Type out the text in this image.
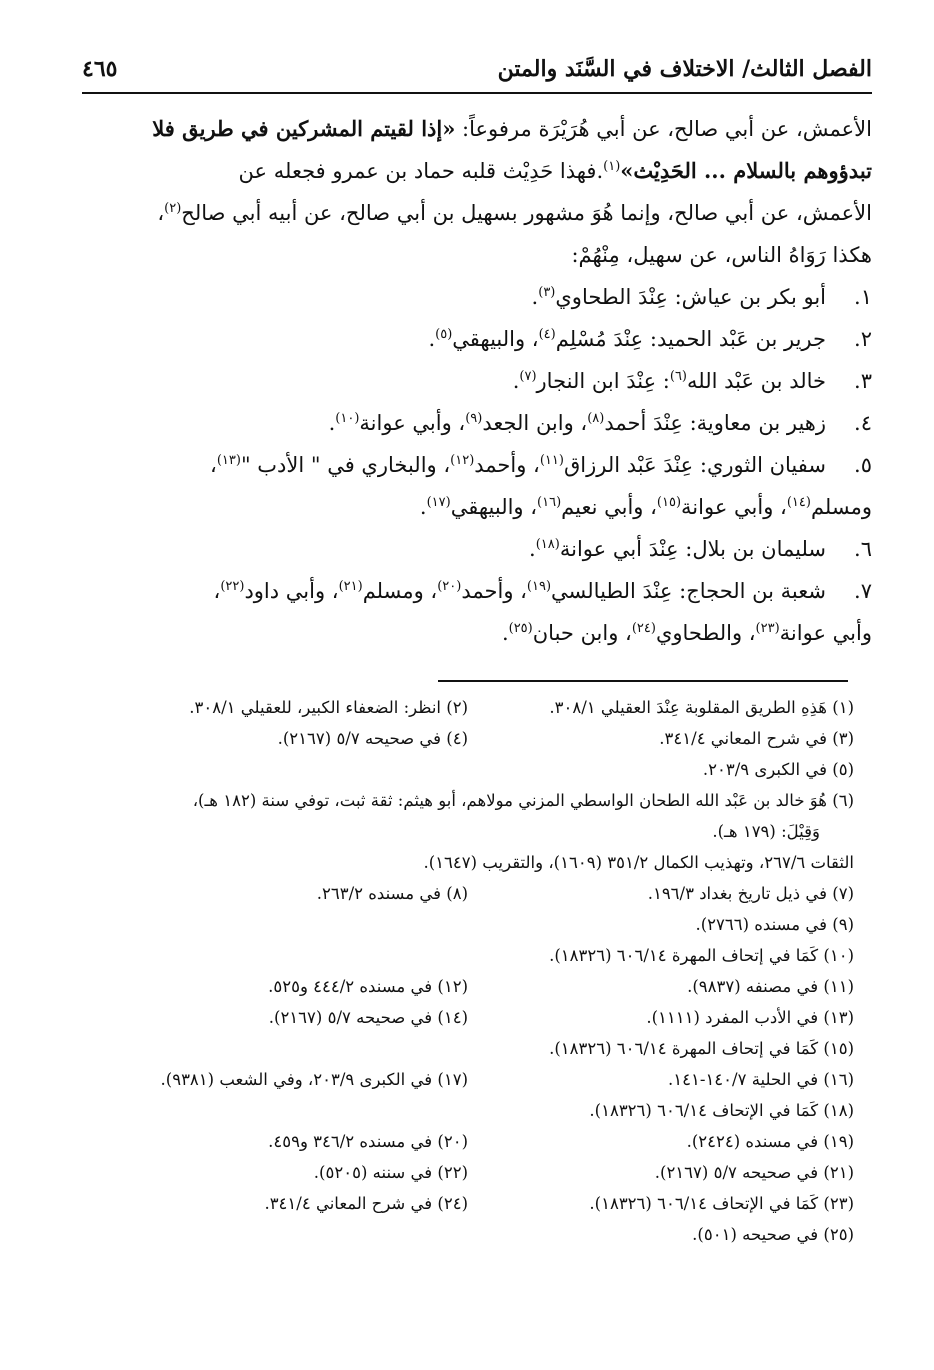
٤٦٥	الفصل الثالث/ الاختلاف في السَّنَد والمتن
الأعمش، عن أبي صالح، عن أبي هُرَيْرَة مرفوعاً: «إذا لقيتم المشركين في طريق فلا
تبدؤوهم بالسلام ... الحَدِيْث»$^{(١)}$.فهذا حَدِيْث قلبه حماد بن عمرو فجعله عن
الأعمش، عن أبي صالح، وإنما هُوَ مشهور بسهيل بن أبي صالح، عن أبيه أبي صالح$^{(٢)}$،
هكذا رَوَاهُ الناس، عن سهيل، مِنْهُمْ:
١.
أبو بكر بن عياش: عِنْدَ الطحاوي$^{(٣)}$.
٢.
جرير بن عَبْد الحميد: عِنْدَ مُسْلِم$^{(٤)}$، والبيهقي$^{(٥)}$.
٣.
خالد بن عَبْد الله$^{(٦)}$: عِنْدَ ابن النجار$^{(٧)}$.
٤.
زهير بن معاوية: عِنْدَ أحمد$^{(٨)}$، وابن الجعد$^{(٩)}$، وأبي عوانة$^{(١٠)}$.
٥.
سفيان الثوري: عِنْدَ عَبْد الرزاق$^{(١١)}$، وأحمد$^{(١٢)}$، والبخاري في " الأدب "$^{(١٣)}$،
ومسلم$^{(١٤)}$، وأبي عوانة$^{(١٥)}$، وأبي نعيم$^{(١٦)}$، والبيهقي$^{(١٧)}$.
٦.
سليمان بن بلال: عِنْدَ أبي عوانة$^{(١٨)}$.
٧.
شعبة بن الحجاج: عِنْدَ الطيالسي$^{(١٩)}$، وأحمد$^{(٢٠)}$، ومسلم$^{(٢١)}$، وأبي داود$^{(٢٢)}$،
وأبي عوانة$^{(٢٣)}$، والطحاوي$^{(٢٤)}$، وابن حبان$^{(٢٥)}$.
(١) هَذِهِ الطريق المقلوبة عِنْدَ العقيلي ٣٠٨/١.
(٢) انظر: الضعفاء الكبير، للعقيلي ٣٠٨/١.
(٣) في شرح المعاني ٣٤١/٤.
(٤) في صحيحه ٥/٧ (٢١٦٧).
(٥) في الكبرى ٢٠٣/٩.
(٦) هُوَ خالد بن عَبْد الله الطحان الواسطي المزني مولاهم، أبو هيثم: ثقة ثبت، توفي سنة (١٨٢ هـ)،
وَقِيْلَ: (١٧٩ هـ).
الثقات ٢٦٧/٦، وتهذيب الكمال ٣٥١/٢ (١٦٠٩)، والتقريب (١٦٤٧).
(٧) في ذيل تاريخ بغداد ١٩٦/٣.
(٨) في مسنده ٢٦٣/٢.
(٩) في مسنده (٢٧٦٦).
(١٠) كَمَا في إتحاف المهرة ٦٠٦/١٤ (١٨٣٢٦).
(١١) في مصنفه (٩٨٣٧).
(١٢) في مسنده ٤٤٤/٢ و٥٢٥.
(١٣) في الأدب المفرد (١١١١).
(١٤) في صحيحه ٥/٧ (٢١٦٧).
(١٥) كَمَا في إتحاف المهرة ٦٠٦/١٤ (١٨٣٢٦).
(١٦) في الحلية ١٤٠/٧-١٤١.
(١٧) في الكبرى ٢٠٣/٩، وفي الشعب (٩٣٨١).
(١٨) كَمَا في الإتحاف ٦٠٦/١٤ (١٨٣٢٦).
(١٩) في مسنده (٢٤٢٤).
(٢٠) في مسنده ٣٤٦/٢ و٤٥٩.
(٢١) في صحيحه ٥/٧ (٢١٦٧).
(٢٢) في سننه (٥٢٠٥).
(٢٣) كَمَا في الإتحاف ٦٠٦/١٤ (١٨٣٢٦).
(٢٤) في شرح المعاني ٣٤١/٤.
(٢٥) في صحيحه (٥٠١).
